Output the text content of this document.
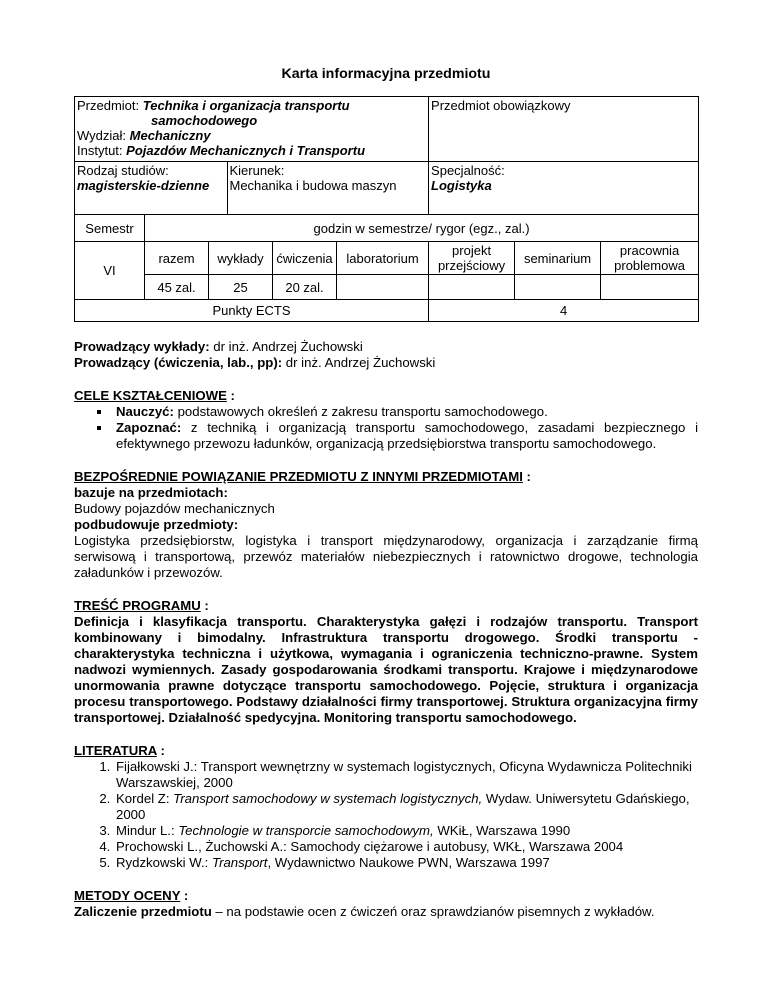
Karta informacyjna przedmiotu
Przedmiot: Technika i organizacja transportu
samochodowego
Wydział: Mechaniczny
Instytut: Pojazdów Mechanicznych i Transportu
	Przedmiot obowiązkowy

Rodzaj studiów:
magisterskie-dzienne

Kierunek:
Mechanika i budowa maszyn

Specjalność:
Logistyka

Semestr	godzin w semestrze/ rygor (egz., zal.)
VI	razem	wykłady	ćwiczenia	laboratorium	projekt przejściowy	seminarium	pracownia problemowa
45 zal.	25	20 zal.				
Punkty ECTS	4
Prowadzący wykłady: dr inż. Andrzej Żuchowski
Prowadzący (ćwiczenia, lab., pp): dr inż. Andrzej Żuchowski
CELE KSZTAŁCENIOWE :
▪ Nauczyć: podstawowych określeń z zakresu transportu samochodowego.
▪ Zapoznać: z techniką i organizacją transportu samochodowego, zasadami bezpiecznego i efektywnego przewozu ładunków, organizacją przedsiębiorstwa transportu samochodowego.
BEZPOŚREDNIE POWIĄZANIE PRZEDMIOTU Z INNYMI PRZEDMIOTAMI :
bazuje na przedmiotach:
Budowy pojazdów mechanicznych
podbudowuje przedmioty:
Logistyka przedsiębiorstw, logistyka i transport międzynarodowy, organizacja i zarządzanie firmą serwisową i transportową, przewóz materiałów niebezpiecznych i ratownictwo drogowe, technologia załadunków i przewozów.
TREŚĆ PROGRAMU :
Definicja i klasyfikacja transportu. Charakterystyka gałęzi i rodzajów transportu. Transport kombinowany i bimodalny. Infrastruktura transportu drogowego. Środki transportu - charakterystyka techniczna i użytkowa, wymagania i ograniczenia techniczno-prawne. System nadwozi wymiennych. Zasady gospodarowania środkami transportu. Krajowe i międzynarodowe unormowania prawne dotyczące transportu samochodowego. Pojęcie, struktura i organizacja procesu transportowego. Podstawy działalności firmy transportowej. Struktura organizacyjna firmy transportowej. Działalność spedycyjna. Monitoring transportu samochodowego.
LITERATURA :
1. Fijałkowski J.: Transport wewnętrzny w systemach logistycznych, Oficyna Wydawnicza Politechniki Warszawskiej, 2000
2. Kordel Z: Transport samochodowy w systemach logistycznych, Wydaw. Uniwersytetu Gdańskiego, 2000
3. Mindur L.: Technologie w transporcie samochodowym, WKiŁ, Warszawa 1990
4. Prochowski L., Żuchowski A.: Samochody ciężarowe i autobusy, WKŁ, Warszawa 2004
5. Rydzkowski W.: Transport, Wydawnictwo Naukowe PWN, Warszawa 1997
METODY OCENY :
Zaliczenie przedmiotu – na podstawie ocen z ćwiczeń oraz sprawdzianów pisemnych z wykładów.
